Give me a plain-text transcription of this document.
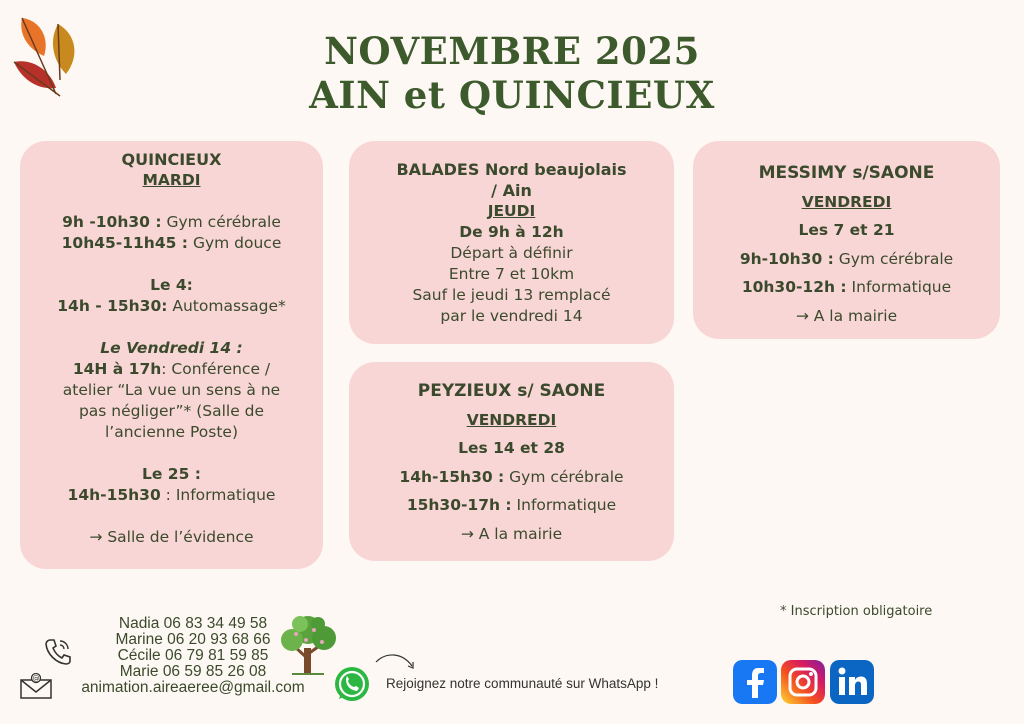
NOVEMBRE 2025
AIN et QUINCIEUX
QUINCIEUX
MARDI
9h -10h30 : Gym cérébrale
10h45-11h45 : Gym douce
Le 4:
14h - 15h30: Automassage*
Le Vendredi 14 :
14H à 17h: Conférence /
atelier “La vue un sens à ne
pas négliger”* (Salle de
l’ancienne Poste)
Le 25 :
14h-15h30 : Informatique
→ Salle de l’évidence
BALADES Nord beaujolais
/ Ain
JEUDI
De 9h à 12h
Départ à définir
Entre 7 et 10km
Sauf le jeudi 13 remplacé
par le vendredi 14
MESSIMY s/SAONE
VENDREDI
Les 7 et 21
9h-10h30 : Gym cérébrale
10h30-12h : Informatique
→ A la mairie
PEYZIEUX s/ SAONE
VENDREDI
Les 14 et 28
14h-15h30 : Gym cérébrale
15h30-17h : Informatique
→ A la mairie
* Inscription obligatoire
@
Nadia 06 83 34 49 58
Marine 06 20 93 68 66
Cécile 06 79 81 59 85
Marie 06 59 85 26 08
animation.aireaeree@gmail.com	Rejoignez notre communauté sur WhatsApp !
